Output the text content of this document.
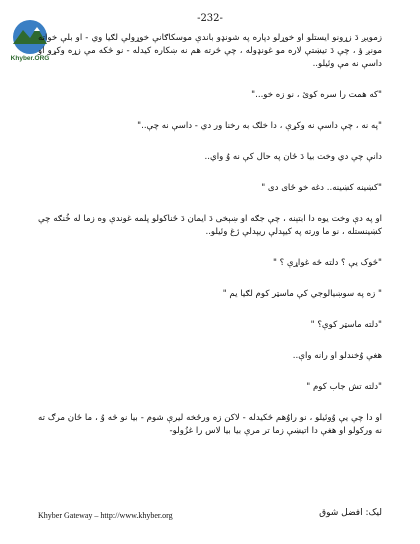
-232-
Khyber.ORG

زمويږ دَ زړونو ايستلو او خوړلو دپاره په شونډو باندې موسکاګانې خوړولې لګيا وي - او بلې خواته مونږ ؤ ، چې دَ تيښتې لاره مو غونډوله ، چې څرته هم نه ښکاره کيدله - نو څکه مې زړه وکړو او داسې نه مې وئيلو..

"که همت را سره کوئ ، نو زه خو..."

"په نه ، چې داسې نه وکړې ، دا خلګ به رخنا ور دي - داسې نه چې.."

دانې چې دي وخت بيا دَ ځان په حال کې نه وُ واي..

"کښينه کښينه.. دغه خو ځای دی "

او په دې وخت يوه دا ابتېنه ، چې جګه او ښېخی دَ ايمان دَ ځناکولو پلمه غوندې وه زما له خُنګه چې کښينستله ، نو ما ورته په کيپدلې ريپدلې ژغ وئيلو..

"څوک يې ؟ دلته څه غواړې ؟ "

" زه په سوښيالوجي کې ماسټر کوم لګيا يم "

"دلته ماسټر کوې؟ "

هغې وُخندلو او رانه واې..

"دلته تش جاب کوم "

او دا چې يې وُوئيلو ، نو راوُهم څکيدله - لاکن زه ورځخه ليرې شوم - بيا نو څه وُ ، ما ځان مرګ ته نه ورکولو او هغې دا اتيښې زما تر مرې بيا بيا لاس را غزُولو-

Khyber Gateway – http://www.khyber.org	ليک: افضل شوق
